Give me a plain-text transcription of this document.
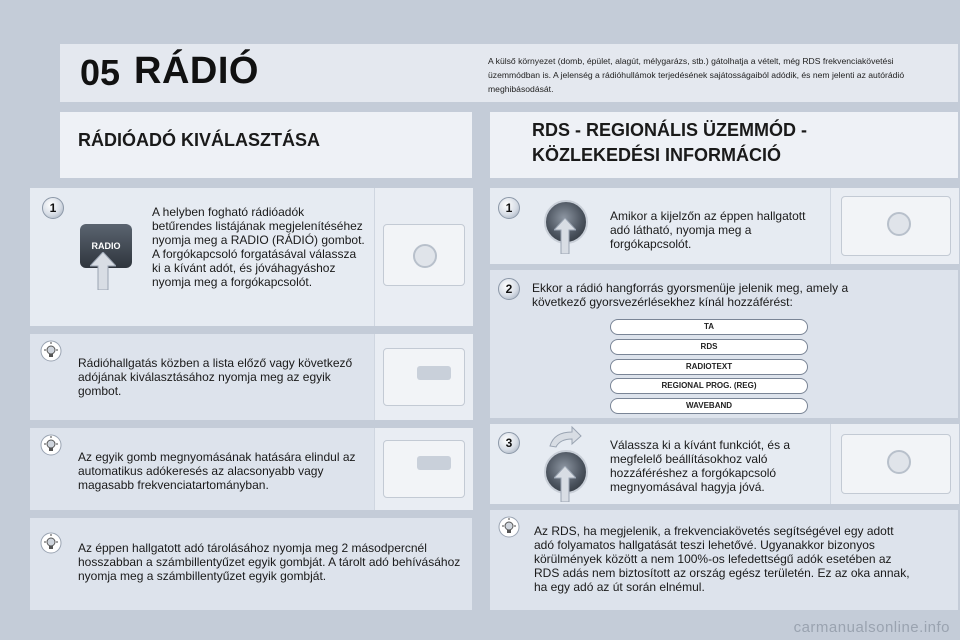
05 RÁDIÓ	A külső környezet (domb, épület, alagút, mélygarázs, stb.) gátolhatja a vételt, még RDS frekvenciakövetési üzemmódban is. A jelenség a rádióhullámok terjedésének sajátosságaiból adódik, és nem jelenti az autórádió meghibásodását.
RÁDIÓADÓ KIVÁLASZTÁSA	RDS - REGIONÁLIS ÜZEMMÓD - KÖZLEKEDÉSI INFORMÁCIÓ
1
RADIO
A helyben fogható rádióadók betűrendes listájának megjelenítéséhez nyomja meg a RADIO (RÁDIÓ) gombot. A forgókapcsoló forgatásával válassza ki a kívánt adót, és jóváhagyáshoz nyomja meg a forgókapcsolót.
Rádióhallgatás közben a lista előző vagy következő adójának kiválasztásához nyomja meg az egyik gombot.
Az egyik gomb megnyomásának hatására elindul az automatikus adókeresés az alacsonyabb vagy magasabb frekvenciatartományban.
Az éppen hallgatott adó tárolásához nyomja meg 2 másodpercnél hosszabban a számbillentyűzet egyik gombját. A tárolt adó behívásához nyomja meg a számbillentyűzet egyik gombját.
1
Amikor a kijelzőn az éppen hallgatott adó látható, nyomja meg a forgókapcsolót.
2	Ekkor a rádió hangforrás gyorsmenüje jelenik meg, amely a következő gyorsvezérlésekhez kínál hozzáférést:
TA
RDS
RADIOTEXT
REGIONAL PROG. (REG)
WAVEBAND
3	Válassza ki a kívánt funkciót, és a megfelelő beállításokhoz való hozzáféréshez a forgókapcsoló megnyomásával hagyja jóvá.
Az RDS, ha megjelenik, a frekvenciakövetés segítségével egy adott adó folyamatos hallgatását teszi lehetővé. Ugyanakkor bizonyos körülmények között a nem 100%-os lefedettségű adók esetében az RDS adás nem biztosított az ország egész területén. Ez az oka annak, ha egy adó az út során elnémul.
carmanualsonline.info
